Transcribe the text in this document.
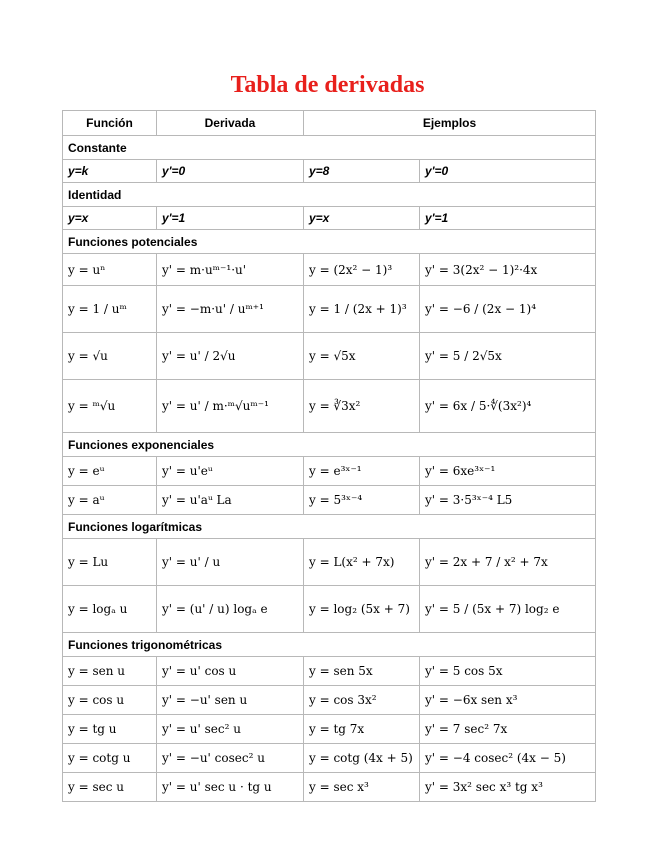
Tabla de derivadas
Función	Derivada	Ejemplos	
Constante			
y=k	y'=0	y=8	y'=0
Identidad			
y=x	y'=1	y=x	y'=1
Funciones potenciales			
y = uⁿ	y' = m·uᵐ⁻¹·u'	y = (2x² − 1)³	y' = 3(2x² − 1)²·4x
y = 1 / uᵐ	y' = −m·u' / uᵐ⁺¹	y = 1 / (2x + 1)³	y' = −6 / (2x − 1)⁴
y = √u	y' = u' / 2√u	y = √5x	y' = 5 / 2√5x
y = ᵐ√u	y' = u' / m·ᵐ√uᵐ⁻¹	y = ∛3x²	y' = 6x / 5·∜(3x²)⁴
Funciones exponenciales			
y = eᵘ	y' = u'eᵘ	y = e³ˣ⁻¹	y' = 6xe³ˣ⁻¹
y = aᵘ	y' = u'aᵘ La	y = 5³ˣ⁻⁴	y' = 3·5³ˣ⁻⁴ L5
Funciones logarítmicas			
y = Lu	y' = u' / u	y = L(x² + 7x)	y' = 2x + 7 / x² + 7x
y = logₐ u	y' = (u' / u) logₐ e	y = log₂ (5x + 7)	y' = 5 / (5x + 7) log₂ e
Funciones trigonométricas			
y = sen u	y' = u' cos u	y = sen 5x	y' = 5 cos 5x
y = cos u	y' = −u' sen u	y = cos 3x²	y' = −6x sen x³
y = tg u	y' = u' sec² u	y = tg 7x	y' = 7 sec² 7x
y = cotg u	y' = −u' cosec² u	y = cotg (4x + 5)	y' = −4 cosec² (4x − 5)
y = sec u	y' = u' sec u · tg u	y = sec x³	y' = 3x² sec x³ tg x³
